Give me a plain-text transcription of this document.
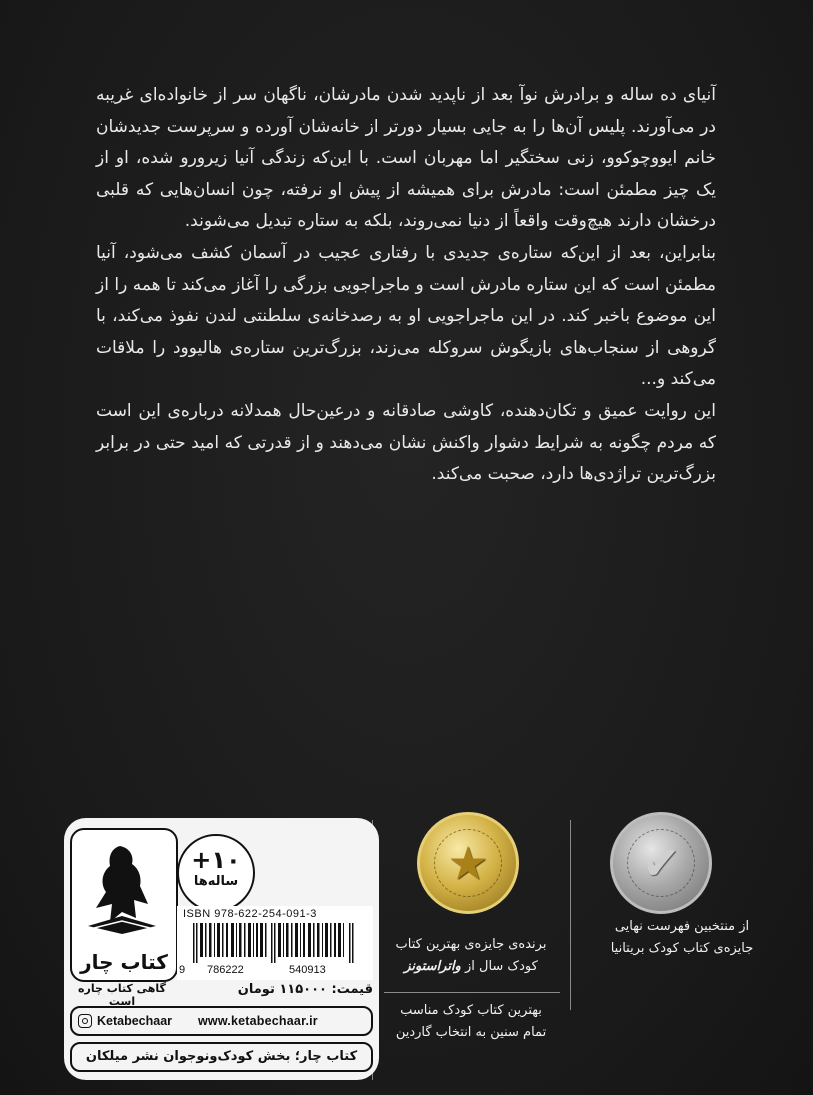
آنیای ده ساله و برادرش نوآ بعد از ناپدید شدن مادرشان، ناگهان سر از خانواده‌ای غریبه در می‌آورند. پلیس آن‌ها را به جایی بسیار دورتر از خانه‌شان آورده و سرپرست جدیدشان خانم ایووچوکوو، زنی سختگیر اما مهربان است. با این‌که زندگی آنیا زیرورو شده، او از یک چیز مطمئن است: مادرش برای همیشه از پیش او نرفته، چون انسان‌هایی که قلبی درخشان دارند هیچ‌وقت واقعاً از دنیا نمی‌روند، بلکه به ستاره تبدیل می‌شوند.

بنابراین، بعد از این‌که ستاره‌ی جدیدی با رفتاری عجیب در آسمان کشف می‌شود، آنیا مطمئن است که این ستاره مادرش است و ماجراجویی بزرگی را آغاز می‌کند تا همه را از این موضوع باخبر کند. در این ماجراجویی او به رصدخانه‌ی سلطنتی لندن نفوذ می‌کند، با گروهی از سنجاب‌های بازیگوش سروکله می‌زند، بزرگ‌ترین ستاره‌ی هالیوود را ملاقات می‌کند و...

این روایت عمیق و تکان‌دهنده، کاوشی صادقانه و درعین‌حال همدلانه درباره‌ی این است که مردم چگونه به شرایط دشوار واکنش نشان می‌دهند و از قدرتی که امید حتی در برابر بزرگ‌ترین تراژدی‌ها دارد، صحبت می‌کند.

✔
از منتخبین فهرست نهایی
جایزه‌ی کتاب کودک بریتانیا
★
برنده‌ی جایزه‌ی بهترین کتاب
کودک سال از واتراستونز
بهترین کتاب کودک مناسب
تمام سنین به انتخاب گاردین
کتاب چار
+۱۰
ساله‌ها
ISBN 978-622-254-091-3
9 786222	540913
قیمت: ۱۱۵۰۰۰ تومان
گاهی کتاب چاره است
Ketabechaar www.ketabechaar.ir
کتاب چار؛ بخش کودک‌ونوجوان نشر میلکان
